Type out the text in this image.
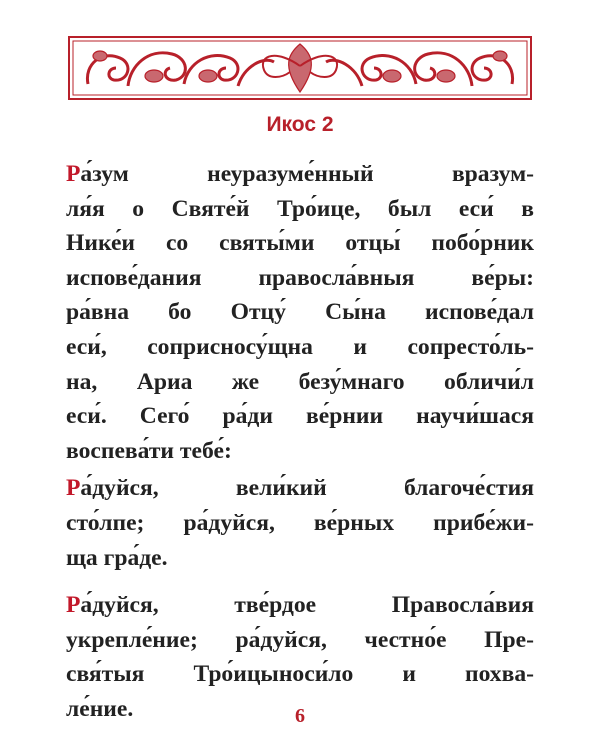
Икос 2
Ра́зум неуразуме́нный вразум-
ля́я о Святе́й Тро́ице, был еси́ в
Нике́и со святы́ми отцы́ побо́рник
испове́дания правосла́вныя ве́ры:
ра́вна бо Отцу́ Сы́на испове́дал
еси́, соприсносу́щна и сопресто́ль-
на, Ариа же безу́мнаго обличи́л
еси́. Сего́ ра́ди ве́рнии научи́шася
воспева́ти тебе́:
Ра́дуйся, вели́кий благоче́стия
сто́лпе; ра́дуйся, ве́рных прибе́жи-
ща гра́де.
Ра́дуйся, тве́рдое Правосла́вия
укрепле́ние; ра́дуйся, честно́е Пре-
свя́тыя Тро́ицыноси́ло и похва-
ле́ние.	6
